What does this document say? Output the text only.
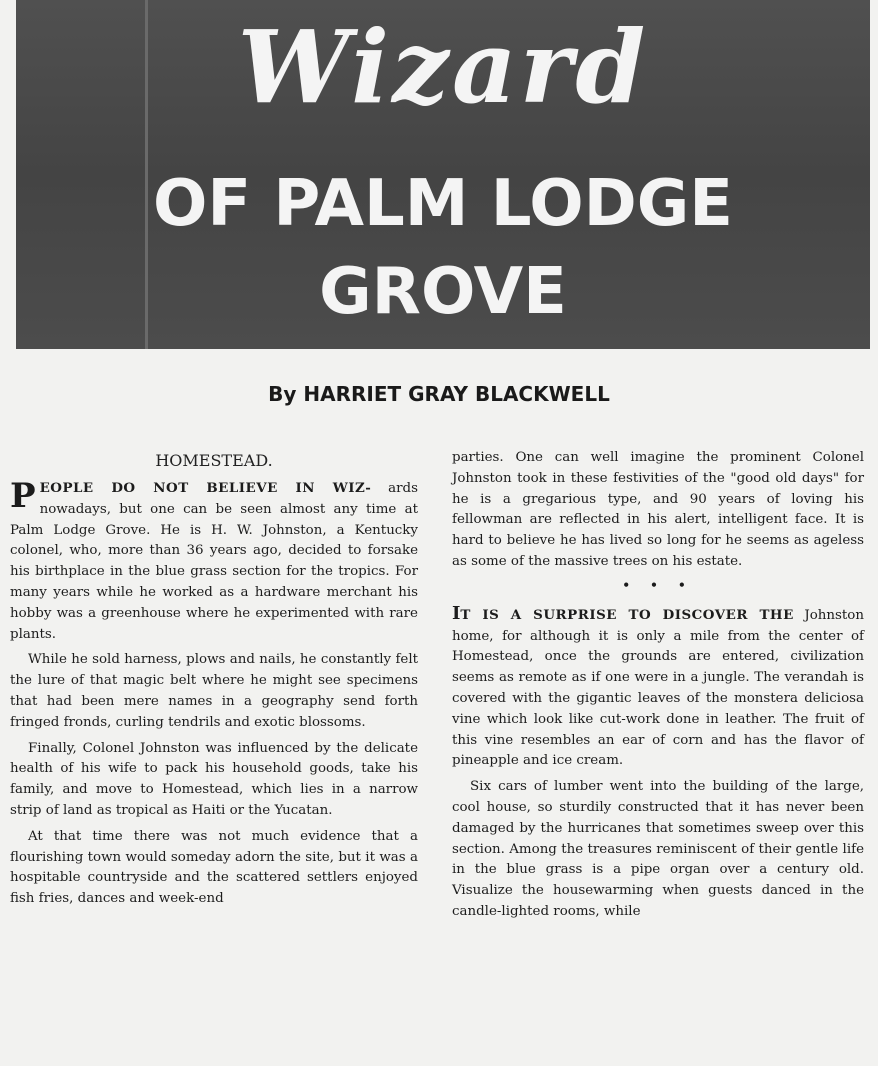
Wizard
OF PALM LODGE
GROVE
By HARRIET GRAY BLACKWELL
HOMESTEAD.

PEOPLE DO NOT BELIEVE IN WIZ- ards nowadays, but one can be seen almost any time at Palm Lodge Grove. He is H. W. Johnston, a Kentucky colonel, who, more than 36 years ago, decided to forsake his birthplace in the blue grass section for the tropics. For many years while he worked as a hardware merchant his hobby was a greenhouse where he experimented with rare plants.

While he sold harness, plows and nails, he constantly felt the lure of that magic belt where he might see specimens that had been mere names in a geography send forth fringed fronds, curling tendrils and exotic blossoms.

Finally, Colonel Johnston was influenced by the delicate health of his wife to pack his household goods, take his family, and move to Homestead, which lies in a narrow strip of land as tropical as Haiti or the Yucatan.

At that time there was not much evidence that a flourishing town would someday adorn the site, but it was a hospitable countryside and the scattered settlers enjoyed fish fries, dances and week-end

parties. One can well imagine the prominent Colonel Johnston took in these festivities of the "good old days" for he is a gregarious type, and 90 years of loving his fellowman are reflected in his alert, intelligent face. It is hard to believe he has lived so long for he seems as ageless as some of the massive trees on his estate.

• • •

IT IS A SURPRISE TO DISCOVER THE Johnston home, for although it is only a mile from the center of Homestead, once the grounds are entered, civilization seems as remote as if one were in a jungle. The verandah is covered with the gigantic leaves of the monstera deliciosa vine which look like cut-work done in leather. The fruit of this vine resembles an ear of corn and has the flavor of pineapple and ice cream.

Six cars of lumber went into the building of the large, cool house, so sturdily constructed that it has never been damaged by the hurricanes that sometimes sweep over this section. Among the treasures reminiscent of their gentle life in the blue grass is a pipe organ over a century old. Visualize the housewarming when guests danced in the candle-lighted rooms, while
